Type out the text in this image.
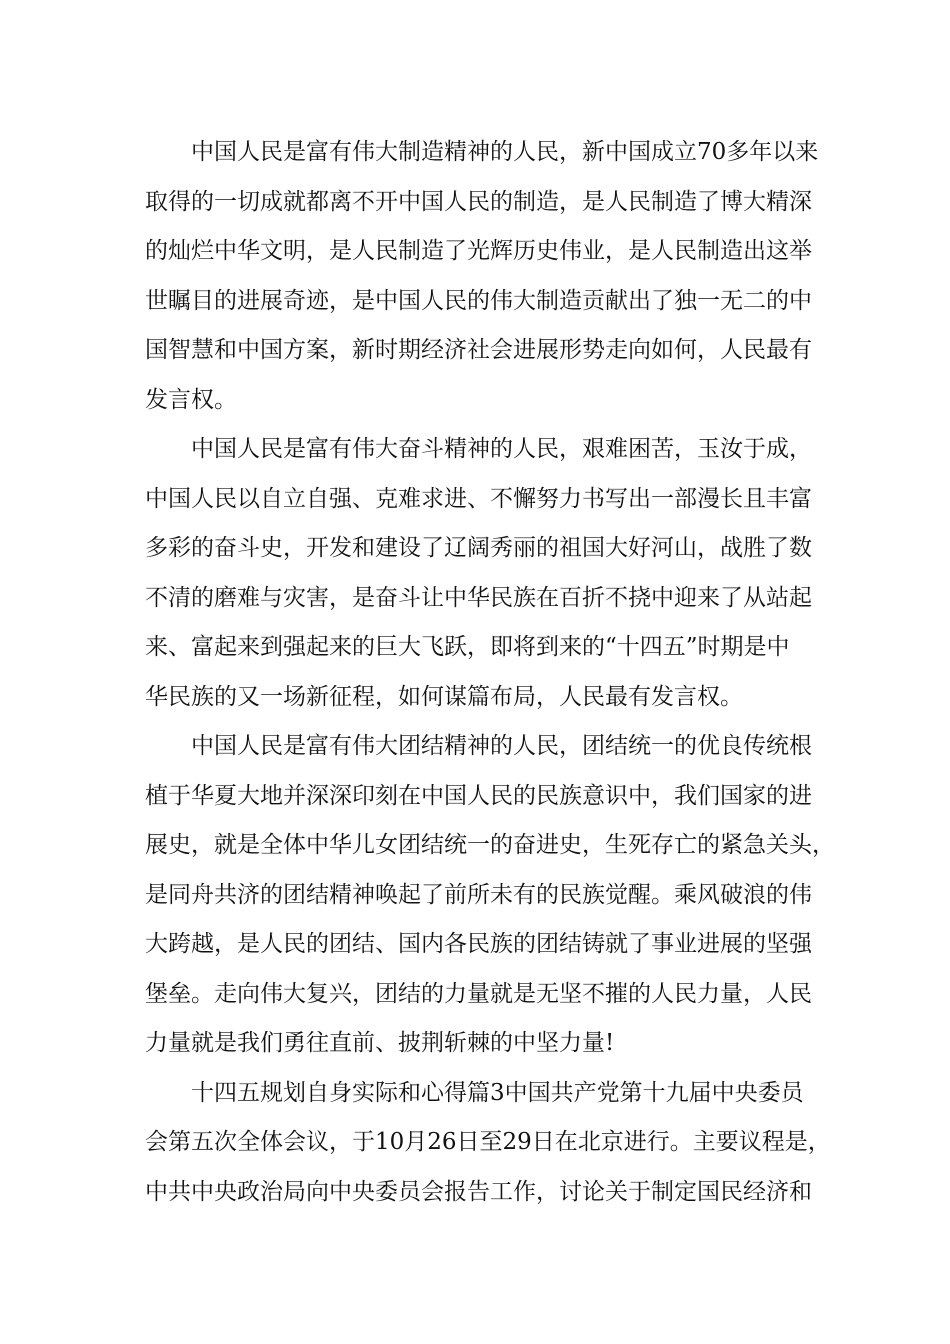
中国人民是富有伟大制造精神的人民，新中国成立70多年以来
取得的一切成就都离不开中国人民的制造，是人民制造了博大精深
的灿烂中华文明，是人民制造了光辉历史伟业，是人民制造出这举
世瞩目的进展奇迹，是中国人民的伟大制造贡献出了独一无二的中
国智慧和中国方案，新时期经济社会进展形势走向如何，人民最有
发言权。
中国人民是富有伟大奋斗精神的人民，艰难困苦，玉汝于成，
中国人民以自立自强、克难求进、不懈努力书写出一部漫长且丰富
多彩的奋斗史，开发和建设了辽阔秀丽的祖国大好河山，战胜了数
不清的磨难与灾害，是奋斗让中华民族在百折不挠中迎来了从站起
来、富起来到强起来的巨大飞跃，即将到来的“十四五”时期是中
华民族的又一场新征程，如何谋篇布局，人民最有发言权。
中国人民是富有伟大团结精神的人民，团结统一的优良传统根
植于华夏大地并深深印刻在中国人民的民族意识中，我们国家的进
展史，就是全体中华儿女团结统一的奋进史，生死存亡的紧急关头，
是同舟共济的团结精神唤起了前所未有的民族觉醒。乘风破浪的伟
大跨越，是人民的团结、国内各民族的团结铸就了事业进展的坚强
堡垒。走向伟大复兴，团结的力量就是无坚不摧的人民力量，人民
力量就是我们勇往直前、披荆斩棘的中坚力量!
十四五规划自身实际和心得篇3中国共产党第十九届中央委员
会第五次全体会议，于10月26日至29日在北京进行。主要议程是，
中共中央政治局向中央委员会报告工作，讨论关于制定国民经济和
